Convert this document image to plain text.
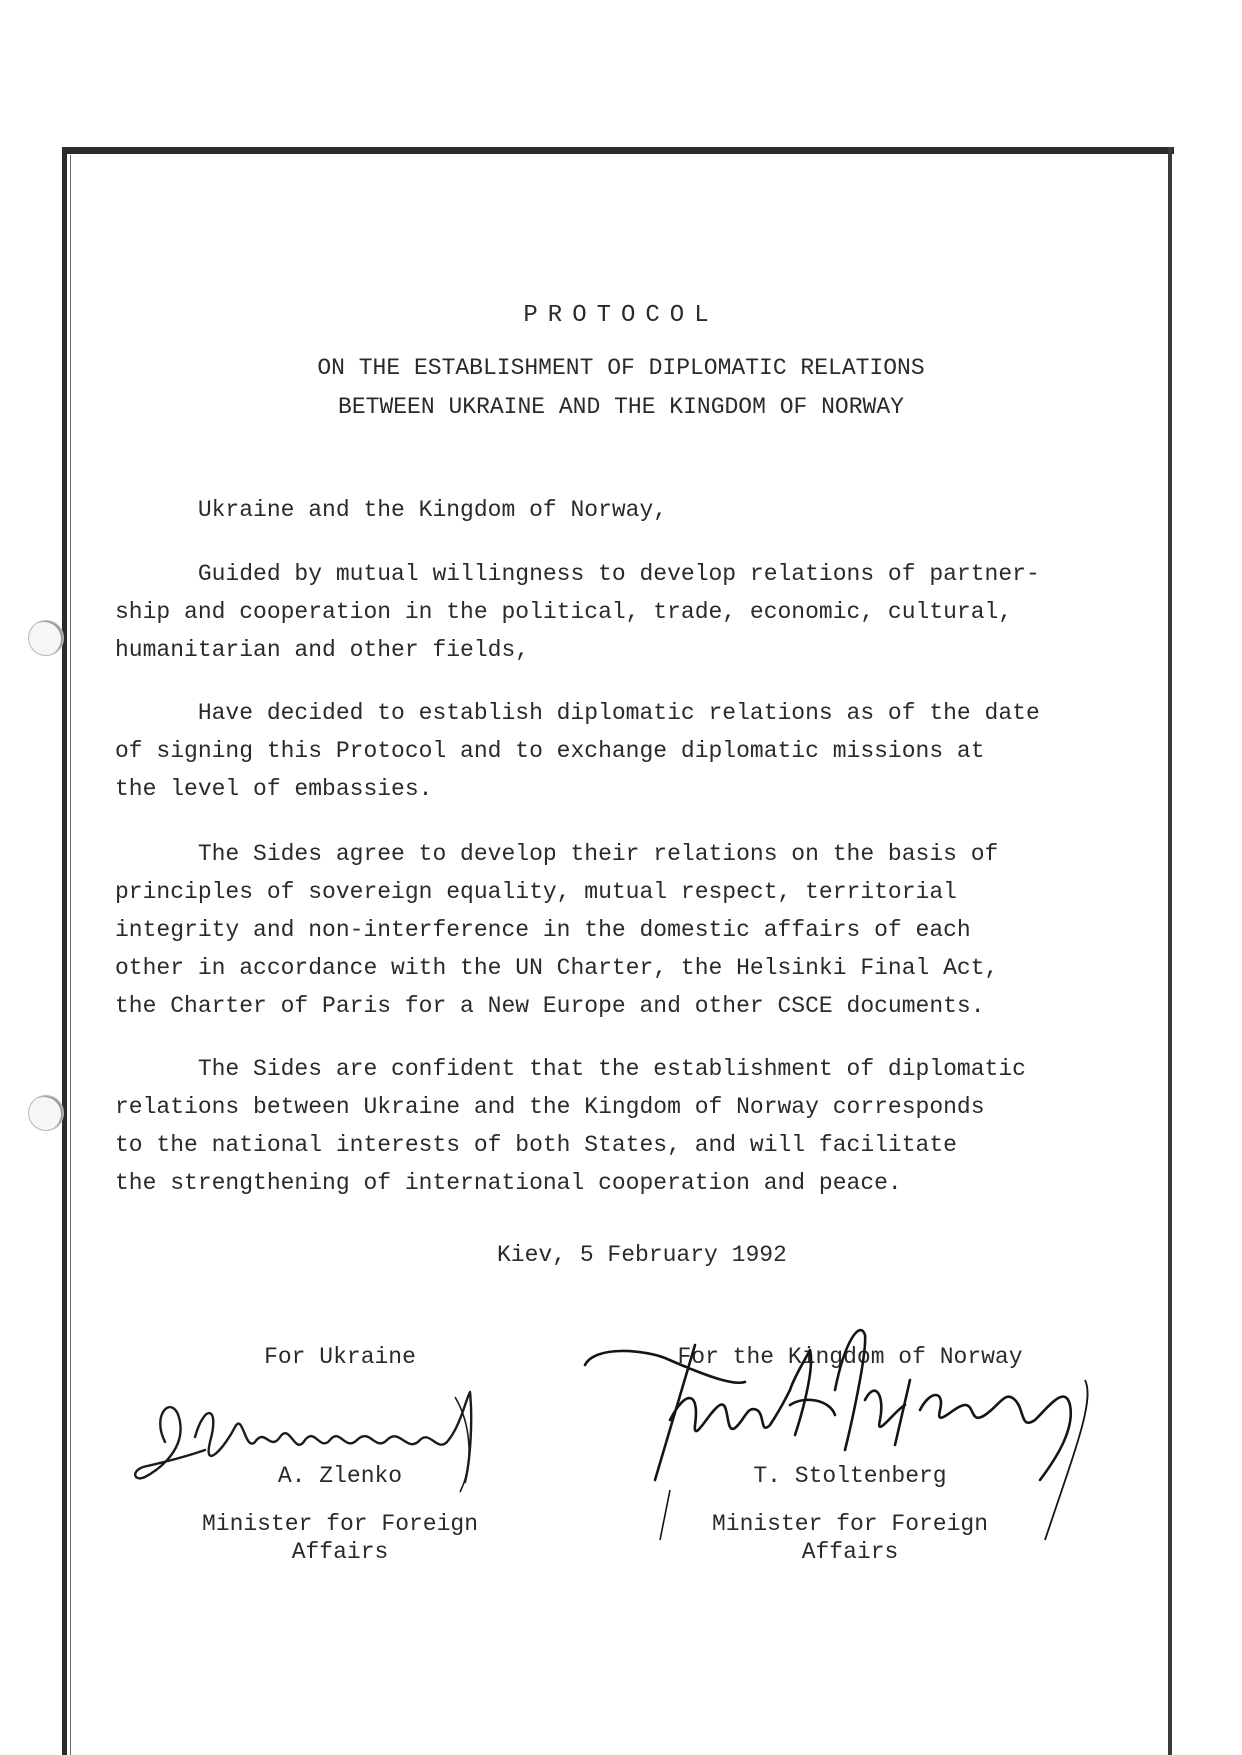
PROTOCOL
ON THE ESTABLISHMENT OF DIPLOMATIC RELATIONS
BETWEEN UKRAINE AND THE KINGDOM OF NORWAY
Ukraine and the Kingdom of Norway,
Guided by mutual willingness to develop relations of partner-
ship and cooperation in the political, trade, economic, cultural,
humanitarian and other fields,
Have decided to establish diplomatic relations as of the date
of signing this Protocol and to exchange diplomatic missions at
the level of embassies.
The Sides agree to develop their relations on the basis of
principles of sovereign equality, mutual respect, territorial
integrity and non-interference in the domestic affairs of each
other in accordance with the UN Charter, the Helsinki Final Act,
the Charter of Paris for a New Europe and other CSCE documents.
The Sides are confident that the establishment of diplomatic
relations between Ukraine and the Kingdom of Norway corresponds
to the national interests of both States, and will facilitate
the strengthening of international cooperation and peace.
Kiev, 5 February 1992
For Ukraine
A. Zlenko
Minister for Foreign
Affairs
For the Kingdom of Norway
T. Stoltenberg
Minister for Foreign
Affairs
